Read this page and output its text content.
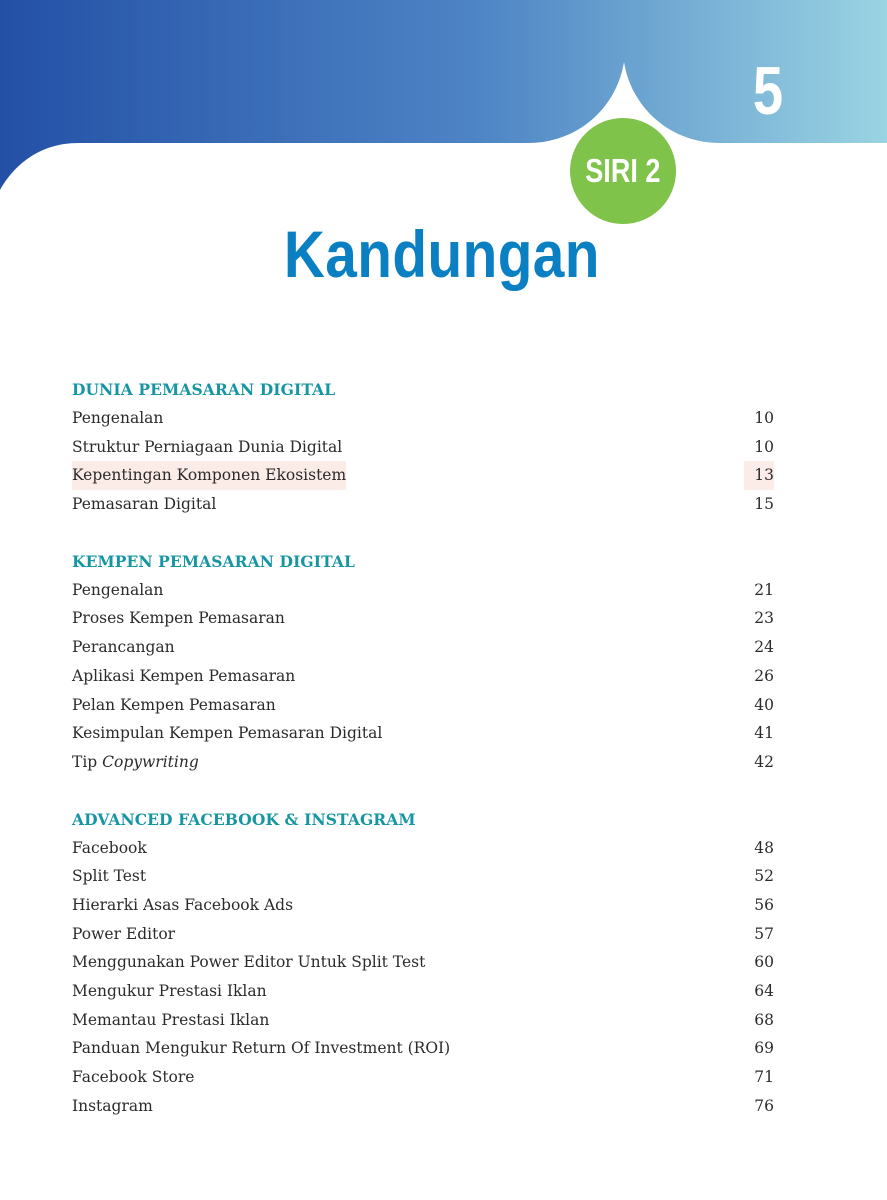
5
SIRI 2
Kandungan
DUNIA PEMASARAN DIGITAL
Pengenalan	10
Struktur Perniagaan Dunia Digital	10
Kepentingan Komponen Ekosistem	13
Pemasaran Digital	15
KEMPEN PEMASARAN DIGITAL
Pengenalan	21
Proses Kempen Pemasaran	23
Perancangan	24
Aplikasi Kempen Pemasaran	26
Pelan Kempen Pemasaran	40
Kesimpulan Kempen Pemasaran Digital	41
Tip Copywriting	42
ADVANCED FACEBOOK & INSTAGRAM
Facebook	48
Split Test	52
Hierarki Asas Facebook Ads	56
Power Editor	57
Menggunakan Power Editor Untuk Split Test	60
Mengukur Prestasi Iklan	64
Memantau Prestasi Iklan	68
Panduan Mengukur Return Of Investment (ROI)	69
Facebook Store	71
Instagram	76
